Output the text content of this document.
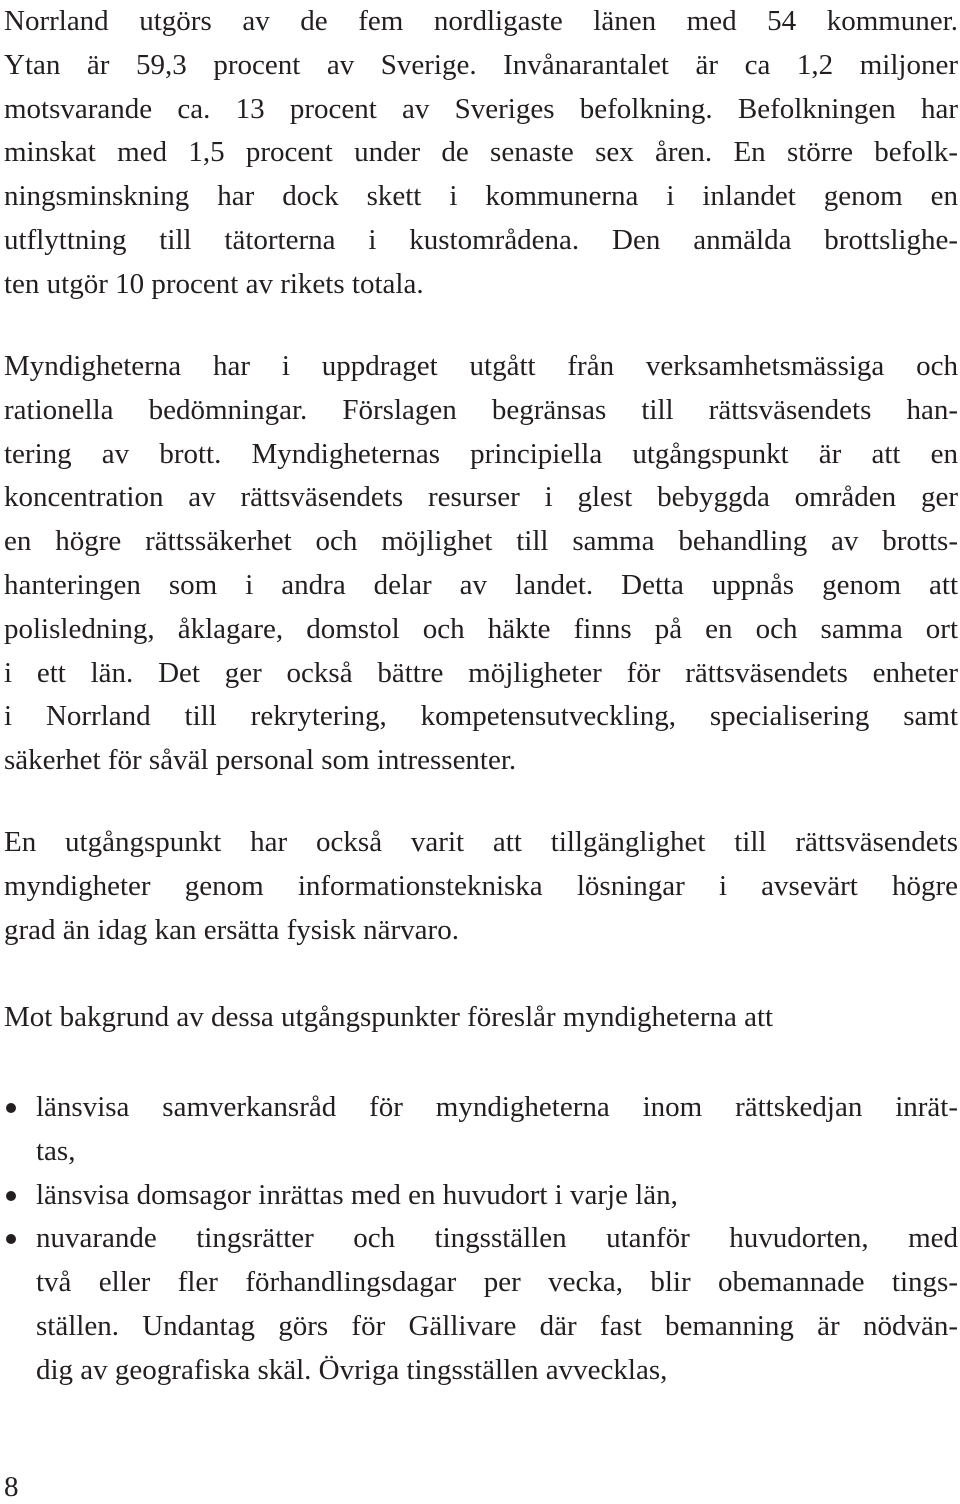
Norrland utgörs av de fem nordligaste länen med 54 kommuner.
Ytan är 59,3 procent av Sverige. Invånarantalet är ca 1,2 miljoner
motsvarande ca. 13 procent av Sveriges befolkning. Befolkningen har
minskat med 1,5 procent under de senaste sex åren. En större befolk-
ningsminskning har dock skett i kommunerna i inlandet genom en
utflyttning till tätorterna i kustområdena. Den anmälda brottslighe-
ten utgör 10 procent av rikets totala.
Myndigheterna har i uppdraget utgått från verksamhetsmässiga och
rationella bedömningar. Förslagen begränsas till rättsväsendets han-
tering av brott. Myndigheternas principiella utgångspunkt är att en
koncentration av rättsväsendets resurser i glest bebyggda områden ger
en högre rättssäkerhet och möjlighet till samma behandling av brotts-
hanteringen som i andra delar av landet. Detta uppnås genom att
polisledning, åklagare, domstol och häkte finns på en och samma ort
i ett län. Det ger också bättre möjligheter för rättsväsendets enheter
i Norrland till rekrytering, kompetensutveckling, specialisering samt
säkerhet för såväl personal som intressenter.
En utgångspunkt har också varit att tillgänglighet till rättsväsendets
myndigheter genom informationstekniska lösningar i avsevärt högre
grad än idag kan ersätta fysisk närvaro.
Mot bakgrund av dessa utgångspunkter föreslår myndigheterna att
länsvisa samverkansråd för myndigheterna inom rättskedjan inrät-
tas,
länsvisa domsagor inrättas med en huvudort i varje län,
nuvarande tingsrätter och tingsställen utanför huvudorten, med
två eller fler förhandlingsdagar per vecka, blir obemannade tings-
ställen. Undantag görs för Gällivare där fast bemanning är nödvän-
dig av geografiska skäl. Övriga tingsställen avvecklas,
8
